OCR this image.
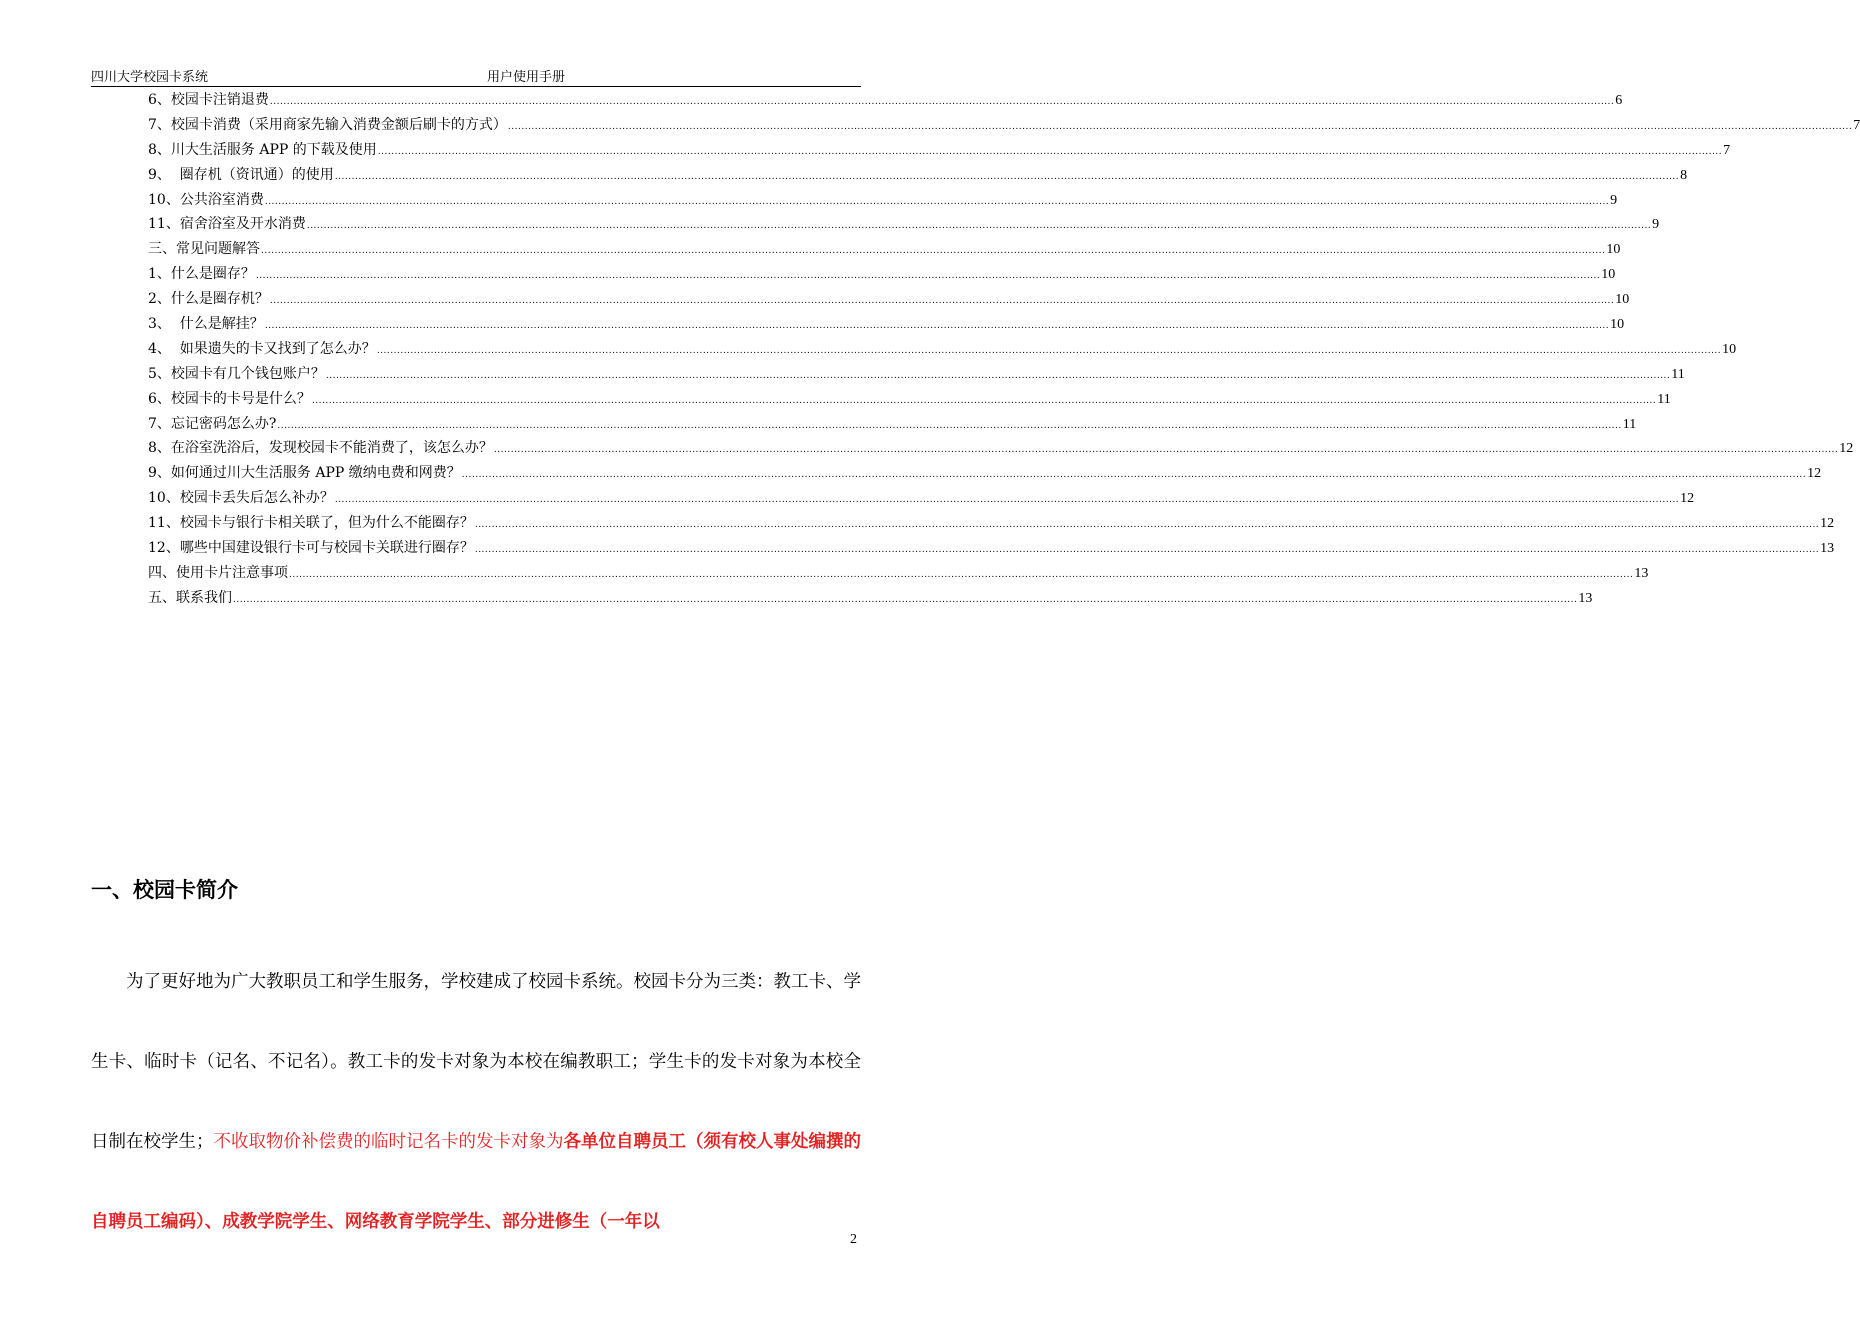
四川大学校园卡系统	用户使用手册
6、校园卡注销退费 ................................................................................................................................................................................................................................................................................................................................................................................................................ 6
7、校园卡消费（采用商家先输入消费金额后刷卡的方式） ................................................................................................................................................................................................................................................................................................................................................................................................................ 7
8、川大生活服务 APP 的下载及使用 ................................................................................................................................................................................................................................................................................................................................................................................................................ 7
9、  圈存机（资讯通）的使用 ................................................................................................................................................................................................................................................................................................................................................................................................................ 8
10、公共浴室消费 ................................................................................................................................................................................................................................................................................................................................................................................................................ 9
11、宿舍浴室及开水消费 ................................................................................................................................................................................................................................................................................................................................................................................................................ 9
三、常见问题解答 ................................................................................................................................................................................................................................................................................................................................................................................................................ 10
1、什么是圈存？ ................................................................................................................................................................................................................................................................................................................................................................................................................ 10
2、什么是圈存机？ ................................................................................................................................................................................................................................................................................................................................................................................................................ 10
3、  什么是解挂？ ................................................................................................................................................................................................................................................................................................................................................................................................................ 10
4、  如果遗失的卡又找到了怎么办？ ................................................................................................................................................................................................................................................................................................................................................................................................................ 10
5、校园卡有几个钱包账户？ ................................................................................................................................................................................................................................................................................................................................................................................................................ 11
6、校园卡的卡号是什么？ ................................................................................................................................................................................................................................................................................................................................................................................................................ 11
7、忘记密码怎么办? ................................................................................................................................................................................................................................................................................................................................................................................................................ 11
8、在浴室洗浴后，发现校园卡不能消费了，该怎么办？ ................................................................................................................................................................................................................................................................................................................................................................................................................ 12
9、如何通过川大生活服务 APP 缴纳电费和网费？ ................................................................................................................................................................................................................................................................................................................................................................................................................ 12
10、校园卡丢失后怎么补办？ ................................................................................................................................................................................................................................................................................................................................................................................................................ 12
11、校园卡与银行卡相关联了，但为什么不能圈存？ ................................................................................................................................................................................................................................................................................................................................................................................................................ 12
12、哪些中国建设银行卡可与校园卡关联进行圈存？ ................................................................................................................................................................................................................................................................................................................................................................................................................ 13
四、使用卡片注意事项 ................................................................................................................................................................................................................................................................................................................................................................................................................ 13
五、联系我们 ................................................................................................................................................................................................................................................................................................................................................................................................................ 13
一、校园卡简介
为了更好地为广大教职员工和学生服务，学校建成了校园卡系统。校园卡分为三类：教工卡、学生卡、临时卡（记名、不记名）。教工卡的发卡对象为本校在编教职工；学生卡的发卡对象为本校全日制在校学生；不收取物价补偿费的临时记名卡的发卡对象为各单位自聘员工（须有校人事处编撰的自聘员工编码）、成教学院学生、网络教育学院学生、部分进修生（一年以
2
